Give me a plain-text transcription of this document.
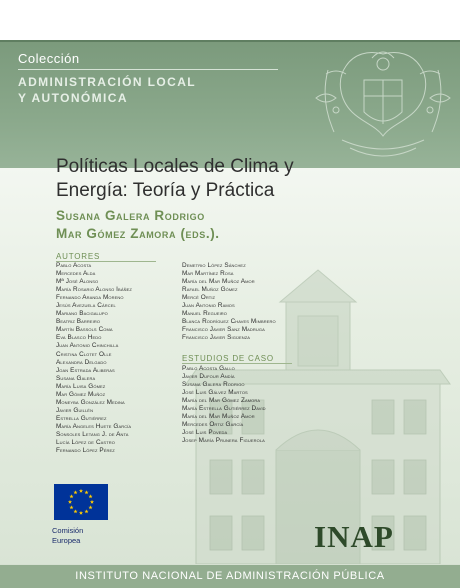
Colección
ADMINISTRACIÓN LOCAL
Y AUTONÓMICA
Políticas Locales de Clima y
Energía: Teoría y Práctica
Susana Galera Rodrigo
Mar Gómez Zamora (eds.).
AUTORES
Pablo Acosta
Mercedes Alda
Mª José Alonso
María Rosario Alonso Ibáñez
Fernando Aranda Moreno
Jesús Avezuela Cárcel
Mariano Bacigalupo
Beatriz Barreiro
Martín Bassols Coma
Eva Blasco Hedo
Juan Antonio Chinchilla
Cristina Clotet Olle
Alexandra Delgado
Joan Estrada Aliberas
Susana Galera
María Luisa Gómez
Mar Gómez Muñoz
Moneyba González Medina
Javier Guillén
Estrella Gutiérrez
María Angeles Huete García
Sonsoles Letang J. de Anta
Lucía López de Castro
Fernando López Pérez
Demetrio López Sánchez
Mar Martínez Rosa
María del Mar Muñoz Amor
Rafael Muñoz Gómez
Mercé Ortiz
Juan Antonio Ramos
Manuel Regueiro
Blanca Rodríguez Chaves Mimbrero
Francisco Javier Sanz Madruga
Francisco Javier Sigüenza
ESTUDIOS DE CASO
Pablo Acosta Gallo
Javier Dufour Andía
Susana Galera Rodrigo
José Luis Gálvez Martos
María del Mar Gómez Zamora
María Estrella Gutiérrez David
María del Mar Muñoz Amor
Mercedes Ortiz García
José Luis Poveda
Josep María Prunera Figuerola
Comisión
Europea	INAP
INSTITUTO NACIONAL DE ADMINISTRACIÓN PÚBLICA
